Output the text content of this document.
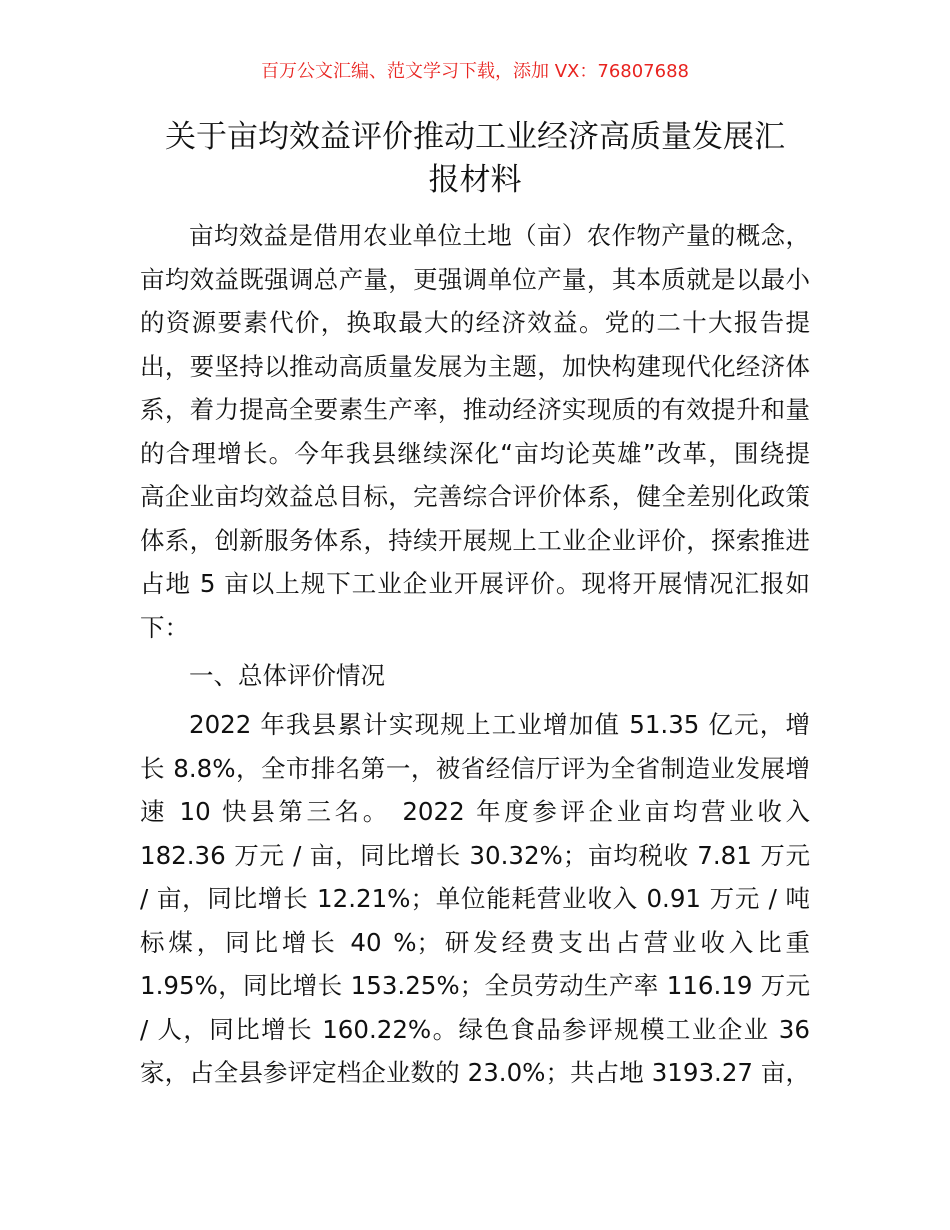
百万公文汇编、范文学习下载，添加 VX：76807688
关于亩均效益评价推动工业经济高质量发展汇
报材料
亩均效益是借用农业单位土地（亩）农作物产量的概念，
亩均效益既强调总产量，更强调单位产量，其本质就是以最小
的资源要素代价，换取最大的经济效益。党的二十大报告提
出，要坚持以推动高质量发展为主题，加快构建现代化经济体
系，着力提高全要素生产率，推动经济实现质的有效提升和量
的合理增长。今年我县继续深化“亩均论英雄”改革，围绕提
高企业亩均效益总目标，完善综合评价体系，健全差别化政策
体系，创新服务体系，持续开展规上工业企业评价，探索推进
占地 5 亩以上规下工业企业开展评价。现将开展情况汇报如
下：
一、总体评价情况
2022 年我县累计实现规上工业增加值 51.35 亿元，增
长 8.8%，全市排名第一，被省经信厅评为全省制造业发展增
速 10 快县第三名。 2022 年度参评企业亩均营业收入
182.36 万元 / 亩，同比增长 30.32%；亩均税收 7.81 万元
/ 亩，同比增长 12.21%；单位能耗营业收入 0.91 万元 / 吨
标煤，同比增长 40 %；研发经费支出占营业收入比重
1.95%，同比增长 153.25%；全员劳动生产率 116.19 万元
/ 人，同比增长 160.22%。绿色食品参评规模工业企业 36
家，占全县参评定档企业数的 23.0%；共占地 3193.27 亩，
